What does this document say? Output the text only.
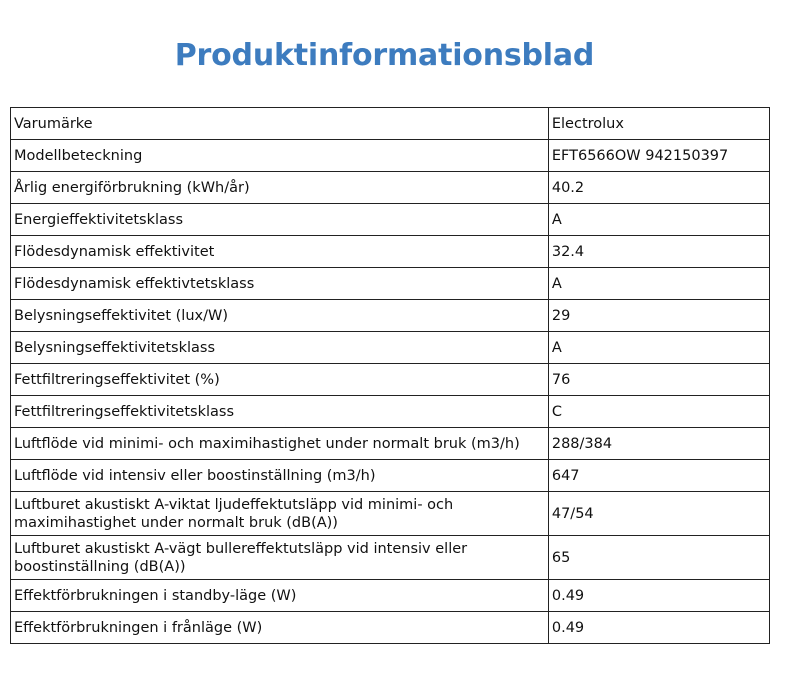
Produktinformationsblad
Varumärke	Electrolux
Modellbeteckning	EFT6566OW 942150397
Årlig energiförbrukning (kWh/år)	40.2
Energieffektivitetsklass	A
Flödesdynamisk effektivitet	32.4
Flödesdynamisk effektivtetsklass	A
Belysningseffektivitet (lux/W)	29
Belysningseffektivitetsklass	A
Fettfiltreringseffektivitet (%)	76
Fettfiltreringseffektivitetsklass	C
Luftflöde vid minimi- och maximihastighet under normalt bruk (m3/h)	288/384
Luftflöde vid intensiv eller boostinställning (m3/h)	647
Luftburet akustiskt A-viktat ljudeffektutsläpp vid minimi- och maximihastighet under normalt bruk (dB(A))	47/54
Luftburet akustiskt A-vägt bullereffektutsläpp vid intensiv eller boostinställning (dB(A))	65
Effektförbrukningen i standby-läge (W)	0.49
Effektförbrukningen i frånläge (W)	0.49
